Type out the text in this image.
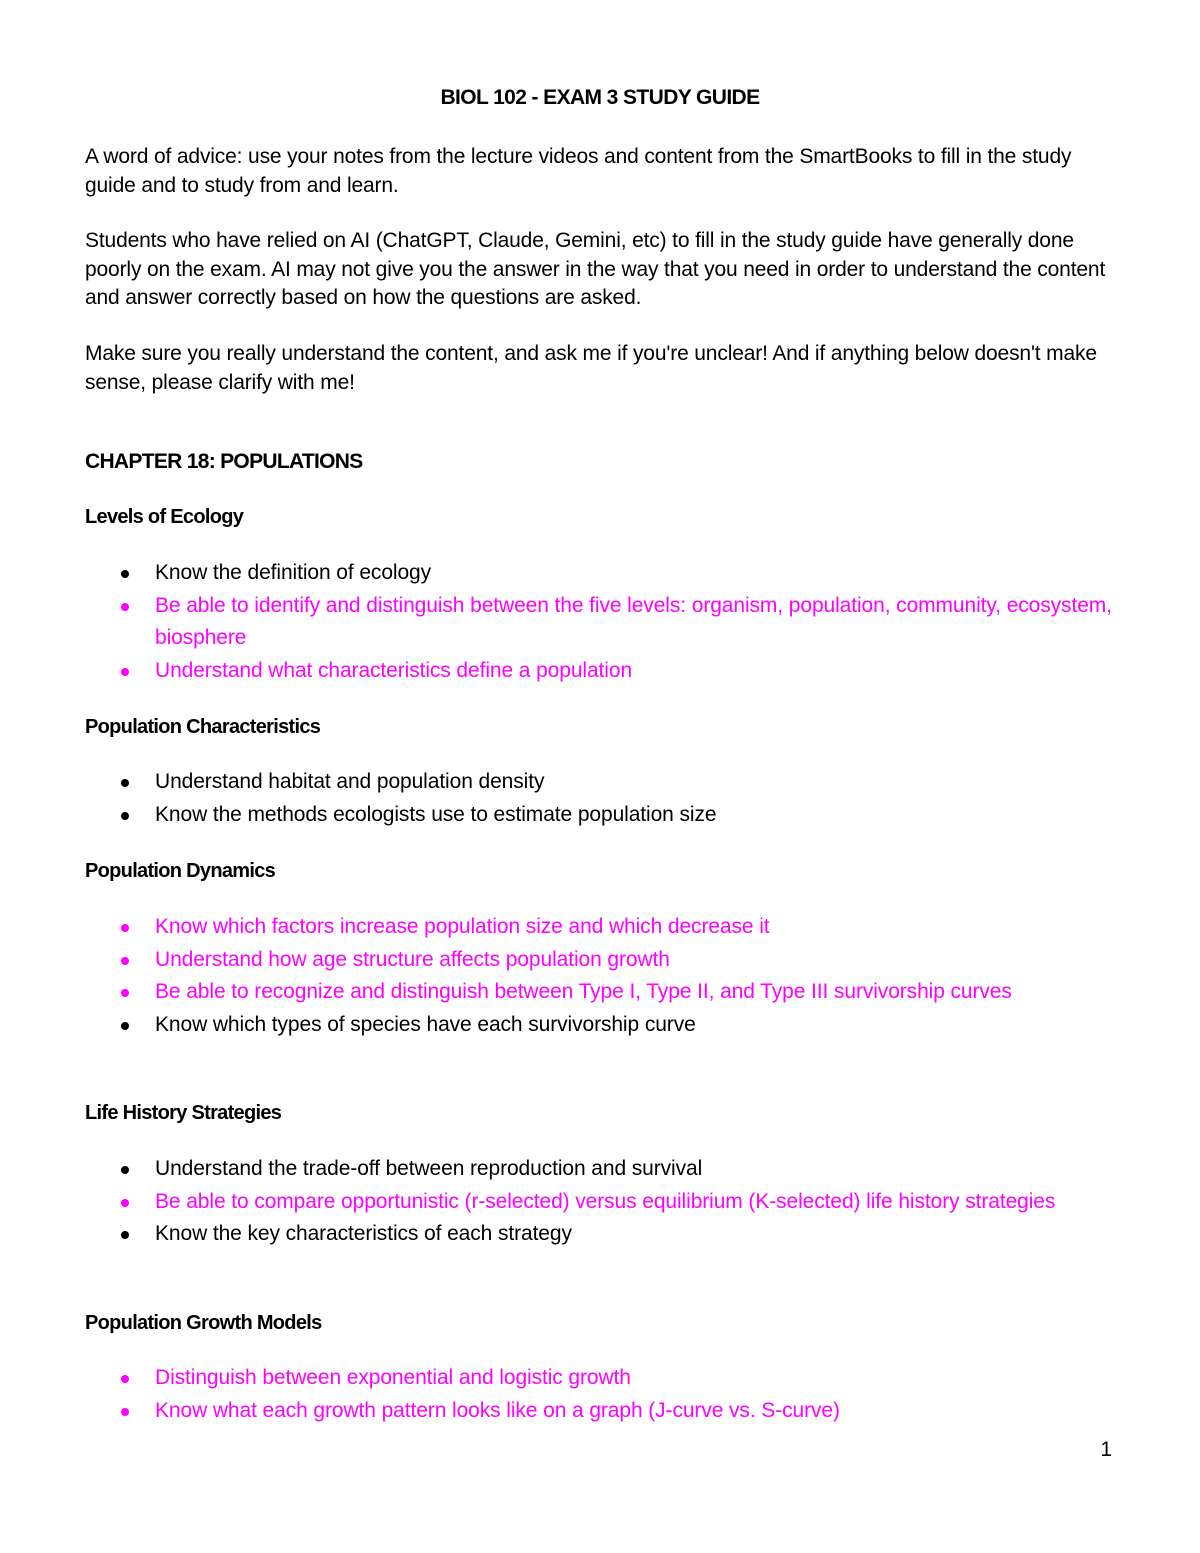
BIOL 102 - EXAM 3 STUDY GUIDE
A word of advice: use your notes from the lecture videos and content from the SmartBooks to fill in the study guide and to study from and learn.
Students who have relied on AI (ChatGPT, Claude, Gemini, etc) to fill in the study guide have generally done poorly on the exam. AI may not give you the answer in the way that you need in order to understand the content and answer correctly based on how the questions are asked.
Make sure you really understand the content, and ask me if you're unclear! And if anything below doesn't make sense, please clarify with me!
CHAPTER 18: POPULATIONS
Levels of Ecology
Know the definition of ecology
Be able to identify and distinguish between the five levels: organism, population, community, ecosystem, biosphere
Understand what characteristics define a population
Population Characteristics
Understand habitat and population density
Know the methods ecologists use to estimate population size
Population Dynamics
Know which factors increase population size and which decrease it
Understand how age structure affects population growth
Be able to recognize and distinguish between Type I, Type II, and Type III survivorship curves
Know which types of species have each survivorship curve
Life History Strategies
Understand the trade-off between reproduction and survival
Be able to compare opportunistic (r-selected) versus equilibrium (K-selected) life history strategies
Know the key characteristics of each strategy
Population Growth Models
Distinguish between exponential and logistic growth
Know what each growth pattern looks like on a graph (J-curve vs. S-curve)
1
